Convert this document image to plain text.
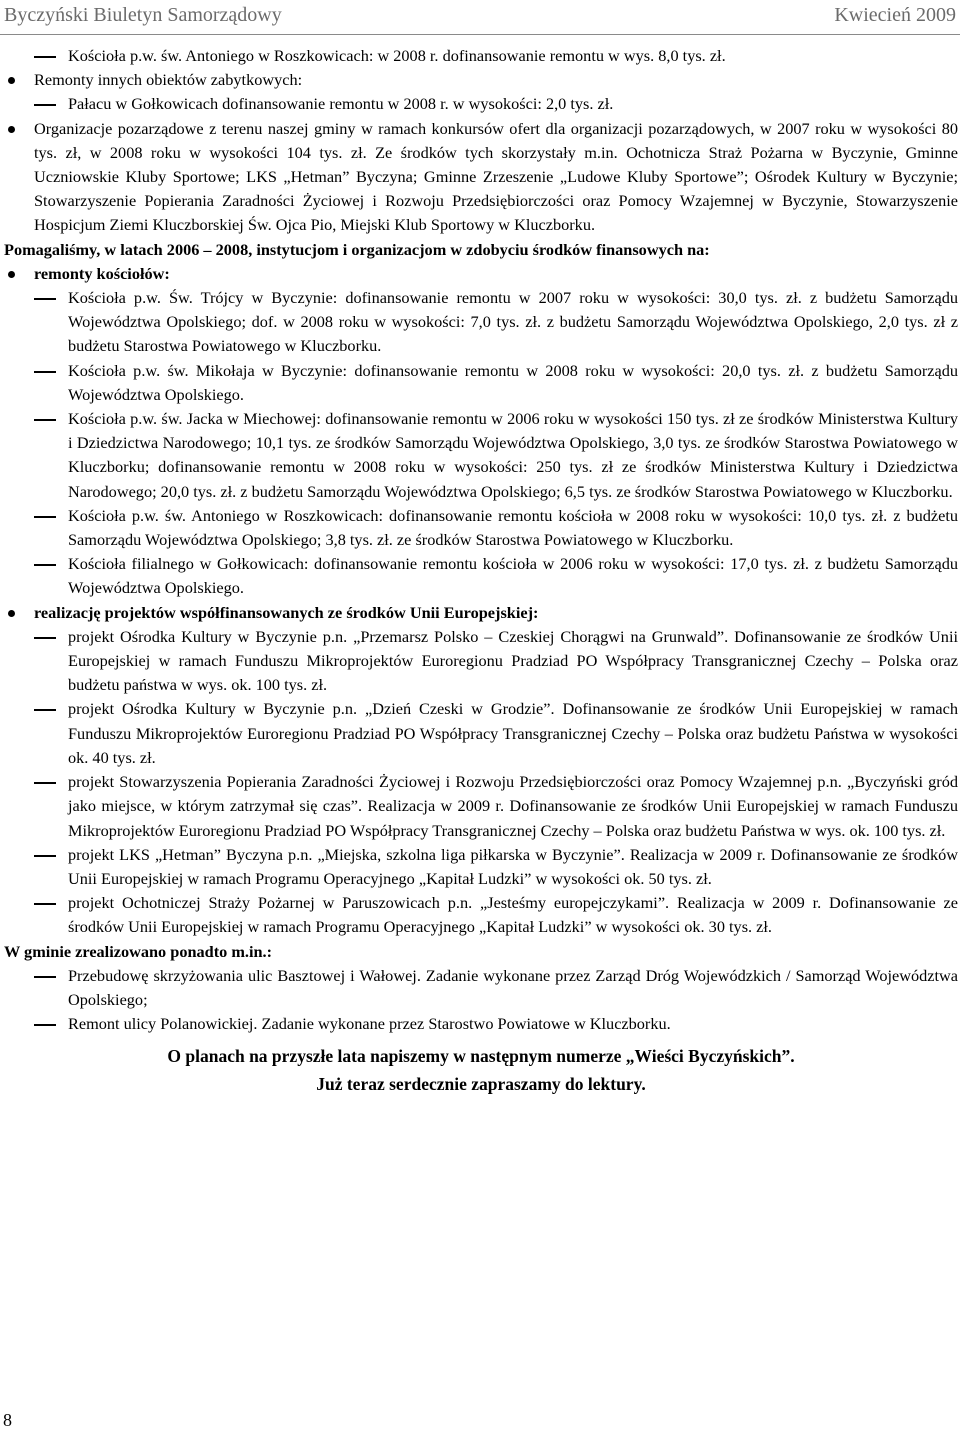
Byczyński Biuletyn Samorządowy	Kwiecień 2009
Kościoła p.w. św. Antoniego w Roszkowicach: w 2008 r. dofinansowanie remontu w wys. 8,0 tys. zł.
Remonty innych obiektów zabytkowych:
Pałacu w Gołkowicach dofinansowanie remontu w 2008 r. w wysokości: 2,0 tys. zł.
Organizacje pozarządowe z terenu naszej gminy w ramach konkursów ofert dla organizacji pozarządowych, w 2007 roku w wysokości 80 tys. zł, w 2008 roku w wysokości 104 tys. zł. Ze środków tych skorzystały m.in. Ochotnicza Straż Pożarna w Byczynie, Gminne Uczniowskie Kluby Sportowe; LKS „Hetman” Byczyna; Gminne Zrzeszenie „Ludowe Kluby Sportowe”; Ośrodek Kultury w Byczynie; Stowarzyszenie Popierania Zaradności Życiowej i Rozwoju Przedsiębiorczości oraz Pomocy Wzajemnej w Byczynie, Stowarzyszenie Hospicjum Ziemi Kluczborskiej Św. Ojca Pio, Miejski Klub Sportowy w Kluczborku.
Pomagaliśmy, w latach 2006 – 2008, instytucjom i organizacjom w zdobyciu środków finansowych na:
remonty kościołów:
Kościoła p.w. Św. Trójcy w Byczynie: dofinansowanie remontu w 2007 roku w wysokości: 30,0 tys. zł. z budżetu Samorządu Województwa Opolskiego; dof. w 2008 roku w wysokości: 7,0 tys. zł. z budżetu Samorządu Województwa Opolskiego, 2,0 tys. zł z budżetu Starostwa Powiatowego w Kluczborku.
Kościoła p.w. św. Mikołaja w Byczynie: dofinansowanie remontu w 2008 roku w wysokości: 20,0 tys. zł. z budżetu Samorządu Województwa Opolskiego.
Kościoła p.w. św. Jacka w Miechowej: dofinansowanie remontu w 2006 roku w wysokości 150 tys. zł ze środków Ministerstwa Kultury i Dziedzictwa Narodowego; 10,1 tys. ze środków Samorządu Województwa Opolskiego, 3,0 tys. ze środków Starostwa Powiatowego w Kluczborku; dofinansowanie remontu w 2008 roku w wysokości: 250 tys. zł ze środków Ministerstwa Kultury i Dziedzictwa Narodowego; 20,0 tys. zł. z budżetu Samorządu Województwa Opolskiego; 6,5 tys. ze środków Starostwa Powiatowego w Kluczborku.
Kościoła p.w. św. Antoniego w Roszkowicach: dofinansowanie remontu kościoła w 2008 roku w wysokości: 10,0 tys. zł. z budżetu Samorządu Województwa Opolskiego; 3,8 tys. zł. ze środków Starostwa Powiatowego w Kluczborku.
Kościoła filialnego w Gołkowicach: dofinansowanie remontu kościoła w 2006 roku w wysokości: 17,0 tys. zł. z budżetu Samorządu Województwa Opolskiego.
realizację projektów współfinansowanych ze środków Unii Europejskiej:
projekt Ośrodka Kultury w Byczynie p.n. „Przemarsz Polsko – Czeskiej Chorągwi na Grunwald”. Dofinansowanie ze środków Unii Europejskiej w ramach Funduszu Mikroprojektów Euroregionu Pradziad PO Współpracy Transgranicznej Czechy – Polska oraz budżetu państwa w wys. ok. 100 tys. zł.
projekt Ośrodka Kultury w Byczynie p.n. „Dzień Czeski w Grodzie”. Dofinansowanie ze środków Unii Europejskiej w ramach Funduszu Mikroprojektów Euroregionu Pradziad PO Współpracy Transgranicznej Czechy – Polska oraz budżetu Państwa w wysokości ok. 40 tys. zł.
projekt Stowarzyszenia Popierania Zaradności Życiowej i Rozwoju Przedsiębiorczości oraz Pomocy Wzajemnej p.n. „Byczyński gród jako miejsce, w którym zatrzymał się czas”. Realizacja w 2009 r. Dofinansowanie ze środków Unii Europejskiej w ramach Funduszu Mikroprojektów Euroregionu Pradziad PO Współpracy Transgranicznej Czechy – Polska oraz budżetu Państwa w wys. ok. 100 tys. zł.
projekt LKS „Hetman” Byczyna p.n. „Miejska, szkolna liga piłkarska w Byczynie”. Realizacja w 2009 r. Dofinansowanie ze środków Unii Europejskiej w ramach Programu Operacyjnego „Kapitał Ludzki” w wysokości ok. 50 tys. zł.
projekt Ochotniczej Straży Pożarnej w Paruszowicach p.n. „Jesteśmy europejczykami”. Realizacja w 2009 r. Dofinansowanie ze środków Unii Europejskiej w ramach Programu Operacyjnego „Kapitał Ludzki” w wysokości ok. 30 tys. zł.
W gminie zrealizowano ponadto m.in.:
Przebudowę skrzyżowania ulic Basztowej i Wałowej. Zadanie wykonane przez Zarząd Dróg Wojewódzkich / Samorząd Województwa Opolskiego;
Remont ulicy Polanowickiej. Zadanie wykonane przez Starostwo Powiatowe w Kluczborku.
O planach na przyszłe lata napiszemy w następnym numerze „Wieści Byczyńskich”.
Już teraz serdecznie zapraszamy do lektury.
8
